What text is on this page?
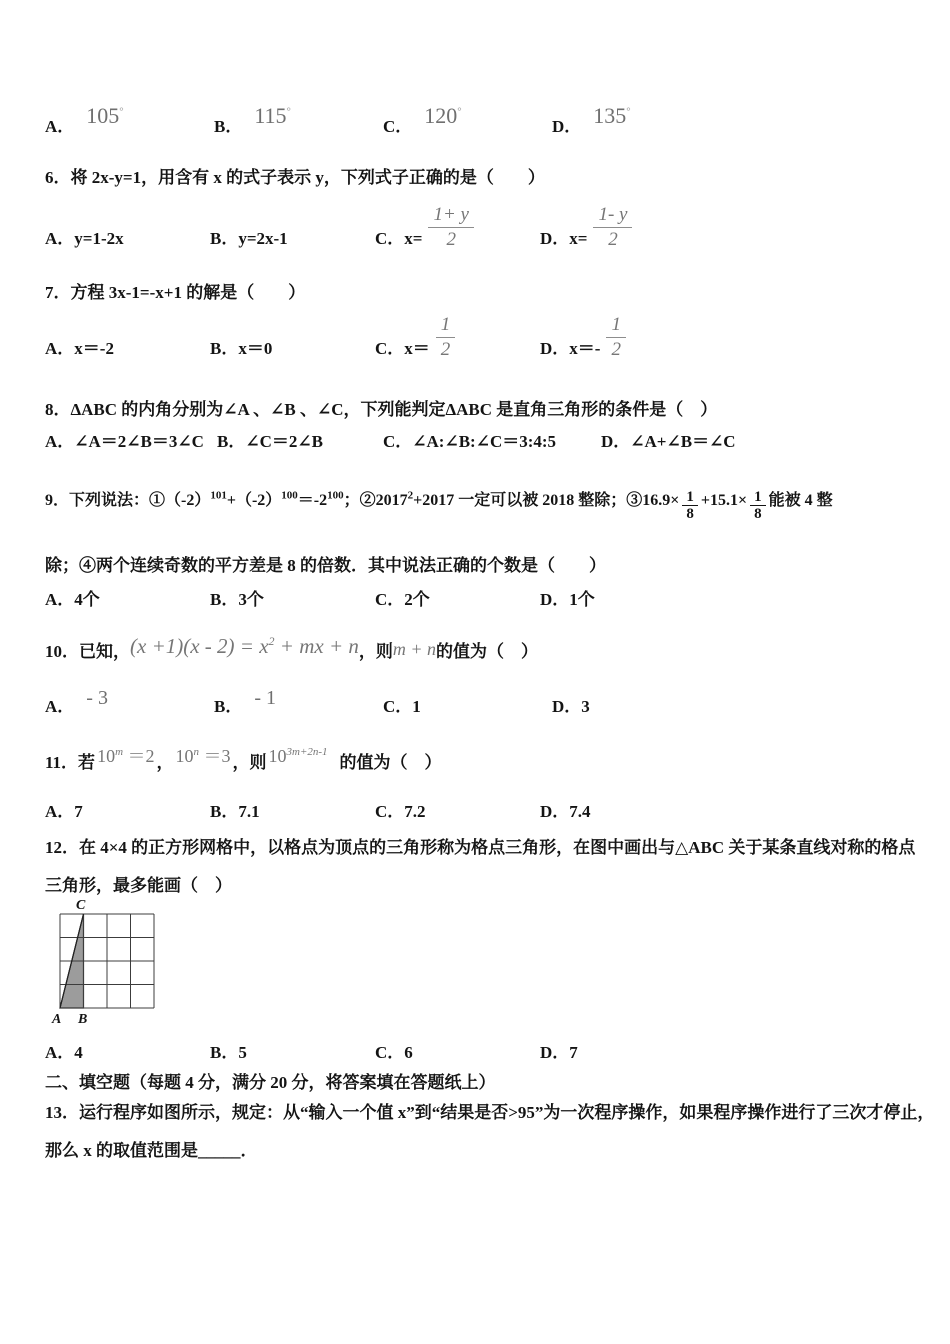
A． 105° B． 115° C． 120° D． 135°
6．将 2x-y=1，用含有 x 的式子表示 y，下列式子正确的是（　　）
A．y=1-2x	B．y=2x-1	C．$x= \frac{1+ y}{2}$	D．$x= \frac{1- y}{2}$
7．方程 3x-1=-x+1 的解是（　　）
A．x＝-2	B．x＝0	C．$x= \frac{1}{2}$	D．$x=- \frac{1}{2}$
8．ΔABC 的内角分别为∠A 、∠B 、∠C，下列能判定ΔABC 是直角三角形的条件是（　）
A．∠A＝2∠B＝3∠C B．∠C＝2∠B	C．∠A:∠B:∠C＝3:4:5	D．∠A+∠B＝∠C
9．下列说法：$①(-2)^{101}+(-2)^{100}=-2^{100}$；$②2017^2+2017$ 一定可以被 2018 整除；③16.9× $\frac{1}{8} +15.1\times \frac{1}{8}$ 能被 4 整
除；④两个连续奇数的平方差是 8 的倍数．其中说法正确的个数是（　　）
A．4个	B．3个	C．2个	D．1个
10．已知，$(x +1)(x - 2) = x^2$ + mx + n，则m + n的值为（　）
A． - 3	B． - 1	C．1	D．3
11．若 $10^m =2$ ， $10^n =3$ ，则 $10^{3m+2n-1}$的值为（　）
A．7	B．7.1	C．7.2	D．7.4
12．在 4×4 的正方形网格中，以格点为顶点的三角形称为格点三角形，在图中画出与△ABC 关于某条直线对称的格点
三角形，最多能画（　）
C
A B
A．4	B．5	C．6	D．7
二、填空题（每题 4 分，满分 20 分，将答案填在答题纸上）
13．运行程序如图所示，规定：从“输入一个值 x”到“结果是否>95”为一次程序操作，如果程序操作进行了三次才停止，
那么 x 的取值范围是_____．
